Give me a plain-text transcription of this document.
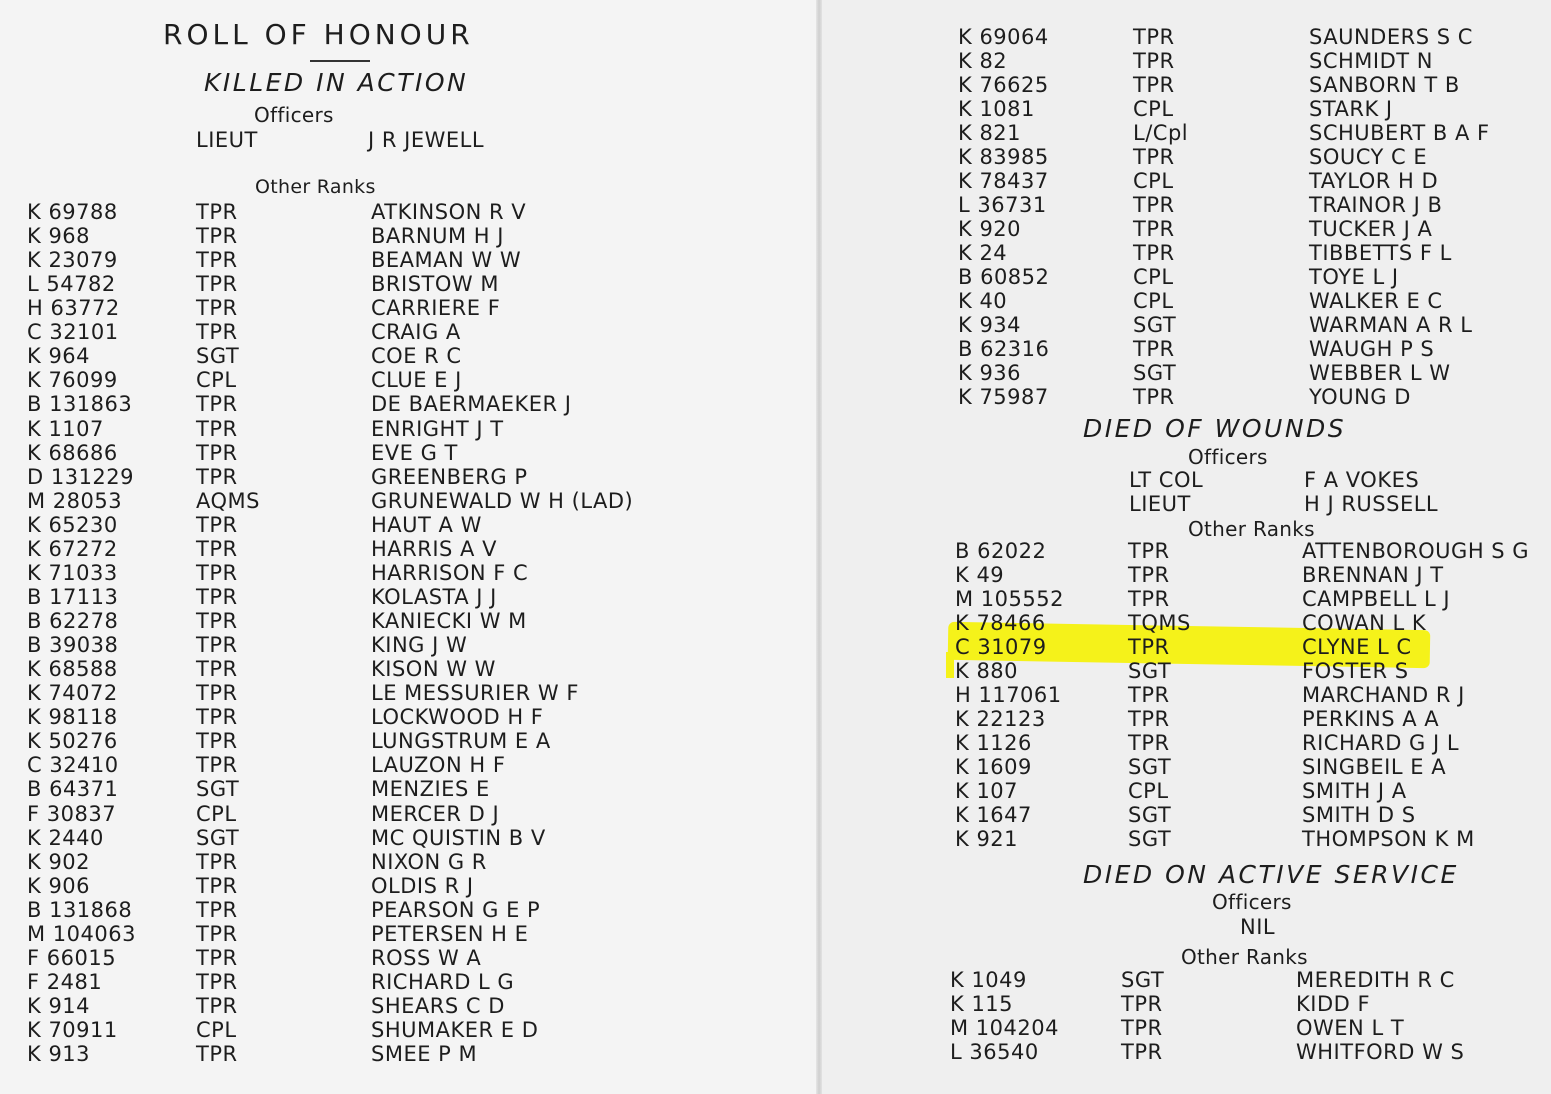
ROLL OF HONOUR
KILLED IN ACTION
Officers
LIEUT	J R JEWELL
Other Ranks
K 69788	TPR	ATKINSON R V
K 968	TPR	BARNUM H J
K 23079	TPR	BEAMAN W W
L 54782	TPR	BRISTOW M
H 63772	TPR	CARRIERE F
C 32101	TPR	CRAIG A
K 964	SGT	COE R C
K 76099	CPL	CLUE E J
B 131863	TPR	DE BAERMAEKER J
K 1107	TPR	ENRIGHT J T
K 68686	TPR	EVE G T
D 131229	TPR	GREENBERG P
M 28053	AQMS	GRUNEWALD W H (LAD)
K 65230	TPR	HAUT A W
K 67272	TPR	HARRIS A V
K 71033	TPR	HARRISON F C
B 17113	TPR	KOLASTA J J
B 62278	TPR	KANIECKI W M
B 39038	TPR	KING J W
K 68588	TPR	KISON W W
K 74072	TPR	LE MESSURIER W F
K 98118	TPR	LOCKWOOD H F
K 50276	TPR	LUNGSTRUM E A
C 32410	TPR	LAUZON H F
B 64371	SGT	MENZIES E
F 30837	CPL	MERCER D J
K 2440	SGT	MC QUISTIN B V
K 902	TPR	NIXON G R
K 906	TPR	OLDIS R J
B 131868	TPR	PEARSON G E P
M 104063	TPR	PETERSEN H E
F 66015	TPR	ROSS W A
F 2481	TPR	RICHARD L G
K 914	TPR	SHEARS C D
K 70911	CPL	SHUMAKER E D
K 913	TPR	SMEE P M
K 69064	TPR	SAUNDERS S C
K 82	TPR	SCHMIDT N
K 76625	TPR	SANBORN T B
K 1081	CPL	STARK J
K 821	L/Cpl	SCHUBERT B A F
K 83985	TPR	SOUCY C E
K 78437	CPL	TAYLOR H D
L 36731	TPR	TRAINOR J B
K 920	TPR	TUCKER J A
K 24	TPR	TIBBETTS F L
B 60852	CPL	TOYE L J
K 40	CPL	WALKER E C
K 934	SGT	WARMAN A R L
B 62316	TPR	WAUGH P S
K 936	SGT	WEBBER L W
K 75987	TPR	YOUNG D
DIED OF WOUNDS
Officers
LT COL	F A VOKES
LIEUT	H J RUSSELL
Other Ranks
B 62022	TPR	ATTENBOROUGH S G
K 49	TPR	BRENNAN J T
M 105552	TPR	CAMPBELL L J
K 78466	TQMS	COWAN L K
C 31079	TPR	CLYNE L C
K 880	SGT	FOSTER S
H 117061	TPR	MARCHAND R J
K 22123	TPR	PERKINS A A
K 1126	TPR	RICHARD G J L
K 1609	SGT	SINGBEIL E A
K 107	CPL	SMITH J A
K 1647	SGT	SMITH D S
K 921	SGT	THOMPSON K M
DIED ON ACTIVE SERVICE
Officers
NIL
Other Ranks
K 1049	SGT	MEREDITH R C
K 115	TPR	KIDD F
M 104204	TPR	OWEN L T
L 36540	TPR	WHITFORD W S
